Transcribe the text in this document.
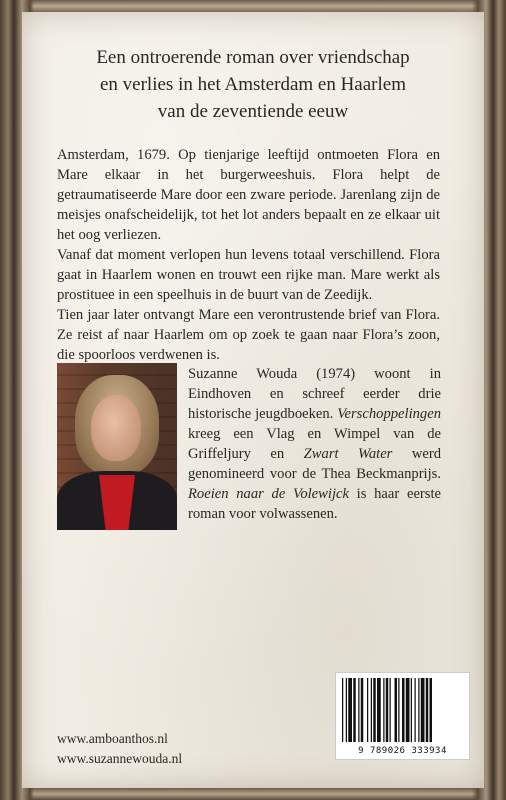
Een ontroerende roman over vriendschap
en verlies in het Amsterdam en Haarlem
van de zeventiende eeuw

Amsterdam, 1679. Op tienjarige leeftijd ontmoeten Flora en Mare elkaar in het burgerweeshuis. Flora helpt de getraumatiseerde Mare door een zware periode. Jarenlang zijn de meisjes onafscheidelijk, tot het lot anders bepaalt en ze elkaar uit het oog verliezen.

Vanaf dat moment verlopen hun levens totaal verschillend. Flora gaat in Haarlem wonen en trouwt een rijke man. Mare werkt als prostituee in een speelhuis in de buurt van de Zeedijk.

Tien jaar later ontvangt Mare een verontrustende brief van Flora. Ze reist af naar Haarlem om op zoek te gaan naar Flora’s zoon, die spoorloos verdwenen is.

Suzanne Wouda (1974) woont in Eindhoven en schreef eerder drie historische jeugdboeken. Verschoppelingen kreeg een Vlag en Wimpel van de Griffeljury en Zwart Water werd genomineerd voor de Thea Beckmanprijs. Roeien naar de Volewijck is haar eerste roman voor volwassenen.
www.amboanthos.nl
www.suzannewouda.nl	9 789026 333934
